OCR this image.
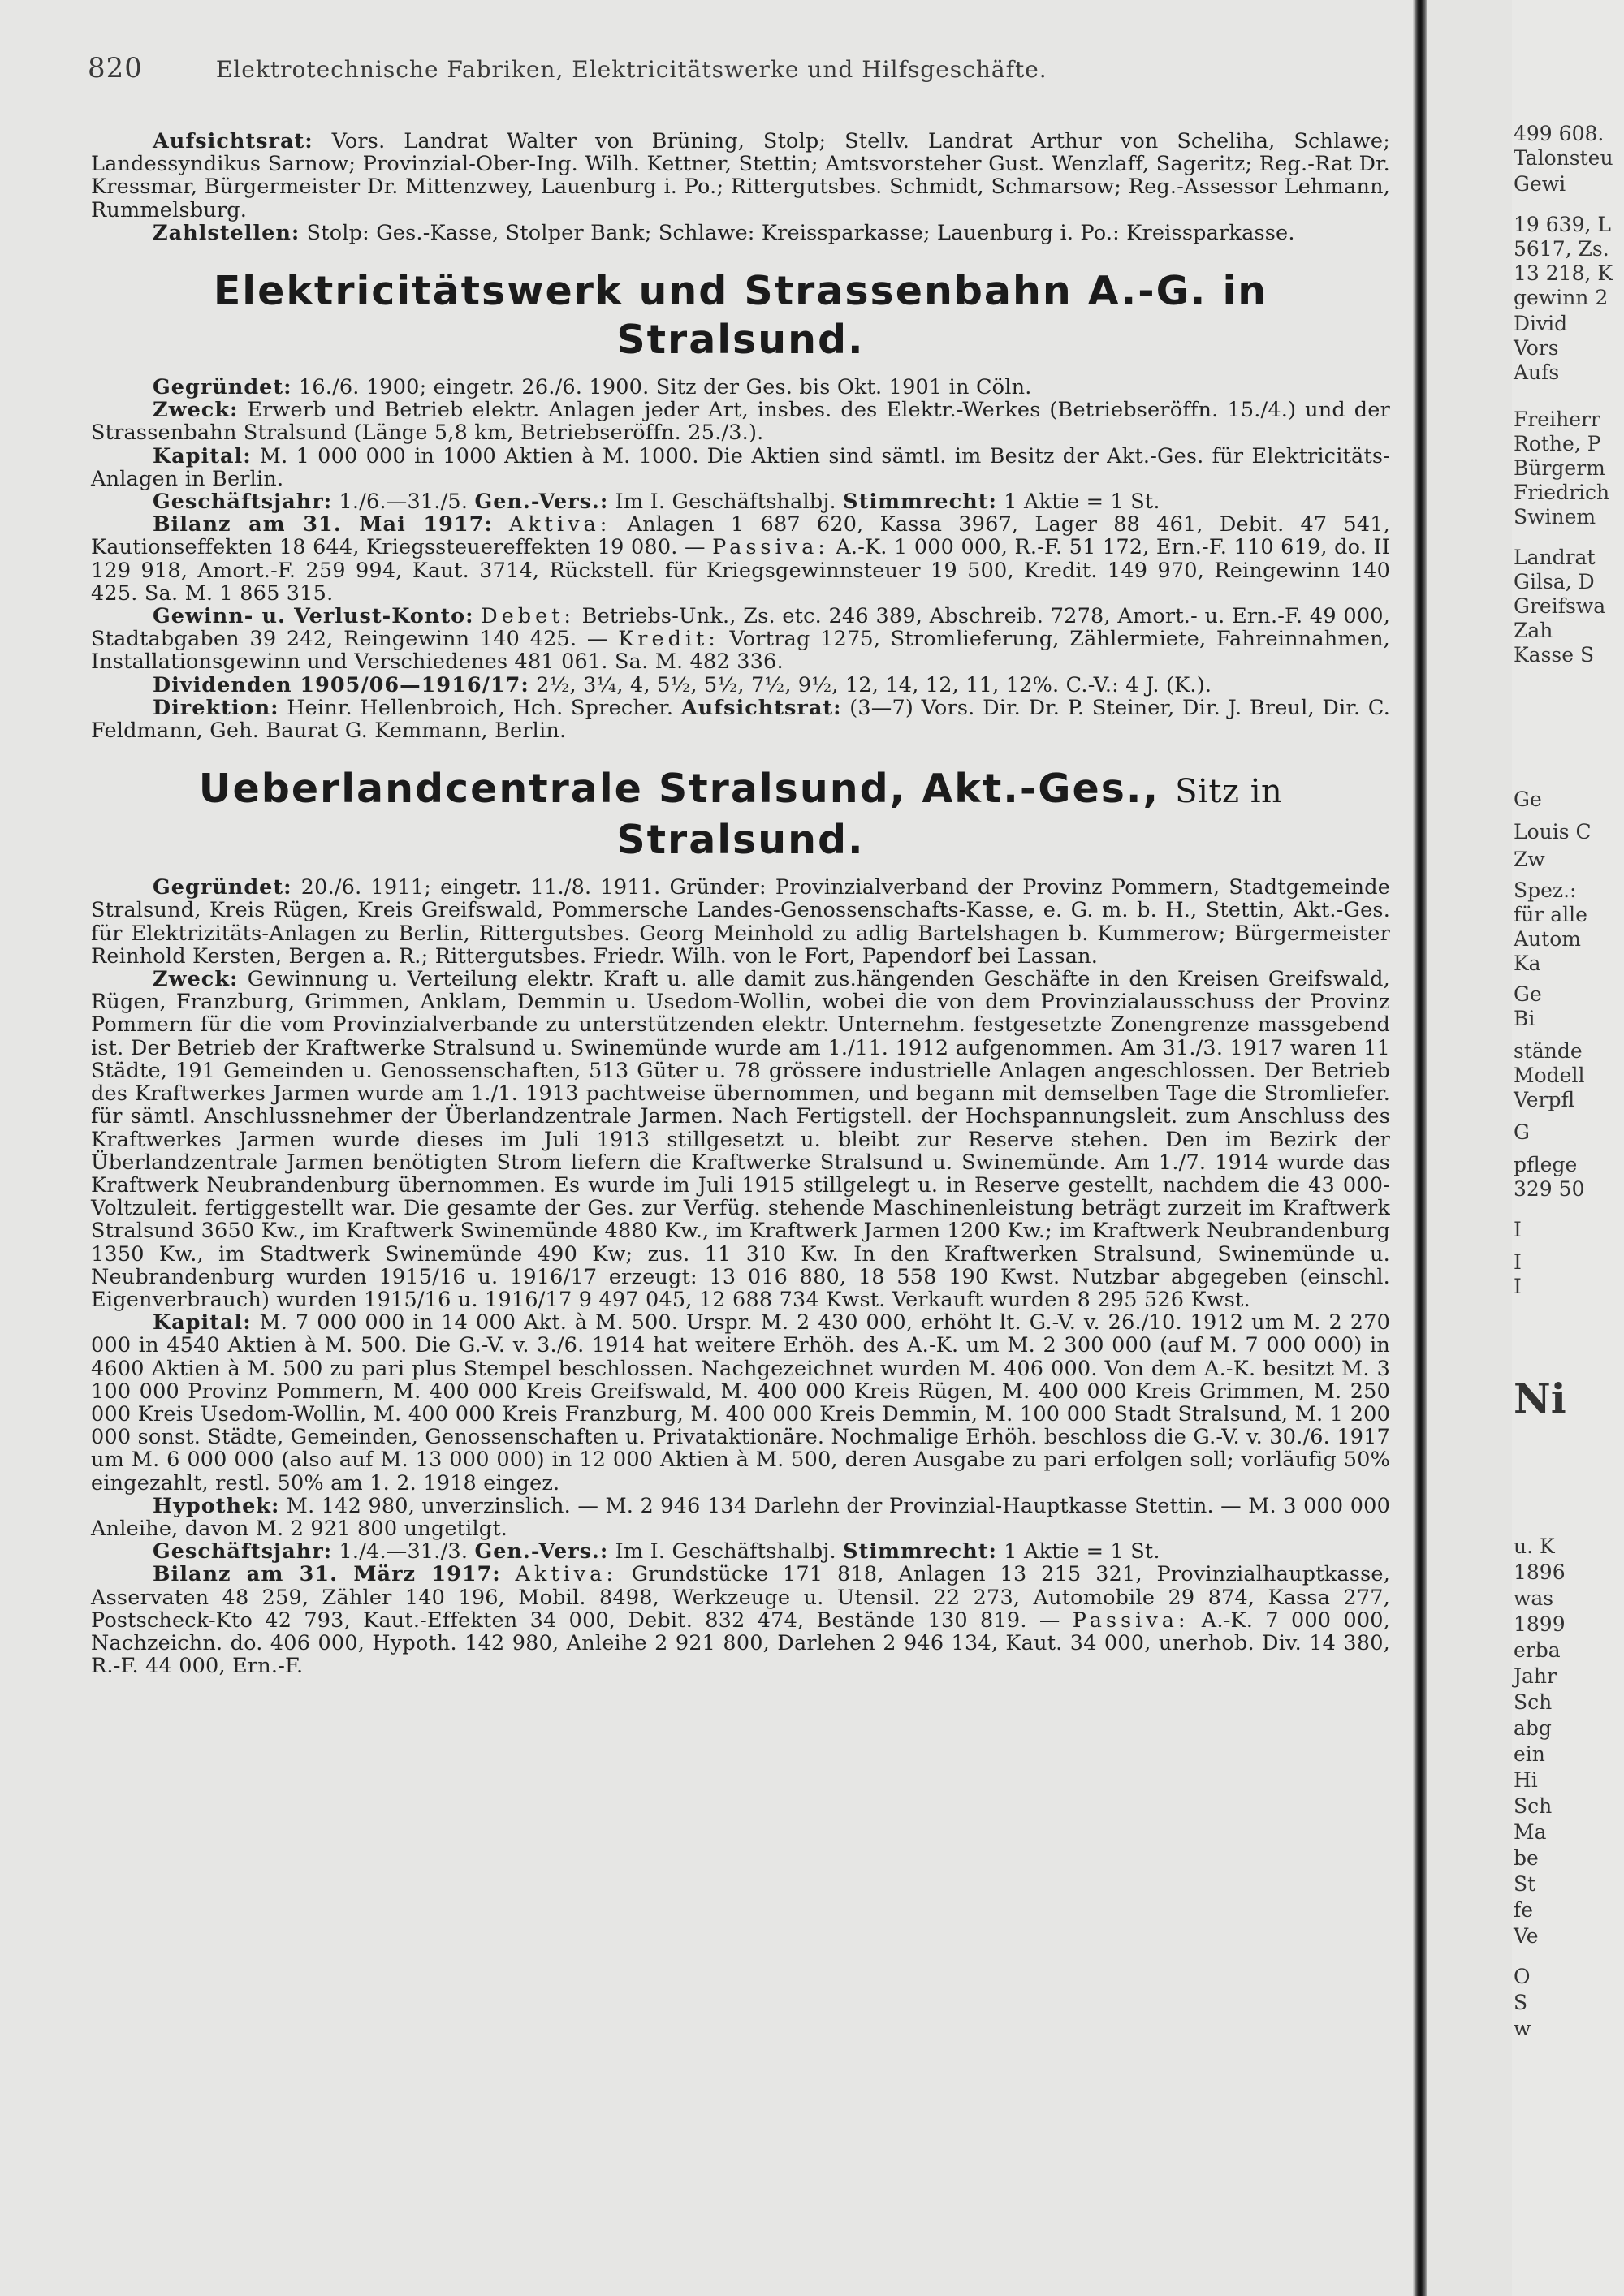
820	Elektrotechnische Fabriken, Elektricitätswerke und Hilfsgeschäfte.

Aufsichtsrat: Vors. Landrat Walter von Brüning, Stolp; Stellv. Landrat Arthur von Scheliha, Schlawe; Landessyndikus Sarnow; Provinzial-Ober-Ing. Wilh. Kettner, Stettin; Amtsvorsteher Gust. Wenzlaff, Sageritz; Reg.-Rat Dr. Kressmar, Bürgermeister Dr. Mittenzwey, Lauenburg i. Po.; Rittergutsbes. Schmidt, Schmarsow; Reg.-Assessor Lehmann, Rummelsburg.

Zahlstellen: Stolp: Ges.-Kasse, Stolper Bank; Schlawe: Kreissparkasse; Lauenburg i. Po.: Kreissparkasse.

Elektricitätswerk und Strassenbahn A.-G. in Stralsund.

Gegründet: 16./6. 1900; eingetr. 26./6. 1900. Sitz der Ges. bis Okt. 1901 in Cöln.

Zweck: Erwerb und Betrieb elektr. Anlagen jeder Art, insbes. des Elektr.-Werkes (Betriebseröffn. 15./4.) und der Strassenbahn Stralsund (Länge 5,8 km, Betriebseröffn. 25./3.).

Kapital: M. 1 000 000 in 1000 Aktien à M. 1000. Die Aktien sind sämtl. im Besitz der Akt.-Ges. für Elektricitäts-Anlagen in Berlin.

Geschäftsjahr: 1./6.—31./5. Gen.-Vers.: Im I. Geschäftshalbj. Stimmrecht: 1 Aktie = 1 St.

Bilanz am 31. Mai 1917: Aktiva: Anlagen 1 687 620, Kassa 3967, Lager 88 461, Debit. 47 541, Kautionseffekten 18 644, Kriegssteuereffekten 19 080. — Passiva: A.-K. 1 000 000, R.-F. 51 172, Ern.-F. 110 619, do. II 129 918, Amort.-F. 259 994, Kaut. 3714, Rückstell. für Kriegsgewinnsteuer 19 500, Kredit. 149 970, Reingewinn 140 425. Sa. M. 1 865 315.

Gewinn- u. Verlust-Konto: Debet: Betriebs-Unk., Zs. etc. 246 389, Abschreib. 7278, Amort.- u. Ern.-F. 49 000, Stadtabgaben 39 242, Reingewinn 140 425. — Kredit: Vortrag 1275, Stromlieferung, Zählermiete, Fahreinnahmen, Installationsgewinn und Verschiedenes 481 061. Sa. M. 482 336.

Dividenden 1905/06—1916/17: 2½, 3¼, 4, 5½, 5½, 7½, 9½, 12, 14, 12, 11, 12%. C.-V.: 4 J. (K.).

Direktion: Heinr. Hellenbroich, Hch. Sprecher. Aufsichtsrat: (3—7) Vors. Dir. Dr. P. Steiner, Dir. J. Breul, Dir. C. Feldmann, Geh. Baurat G. Kemmann, Berlin.

Ueberlandcentrale Stralsund, Akt.-Ges., Sitz in Stralsund.

Gegründet: 20./6. 1911; eingetr. 11./8. 1911. Gründer: Provinzialverband der Provinz Pommern, Stadtgemeinde Stralsund, Kreis Rügen, Kreis Greifswald, Pommersche Landes-Genossenschafts-Kasse, e. G. m. b. H., Stettin, Akt.-Ges. für Elektrizitäts-Anlagen zu Berlin, Rittergutsbes. Georg Meinhold zu adlig Bartelshagen b. Kummerow; Bürgermeister Reinhold Kersten, Bergen a. R.; Rittergutsbes. Friedr. Wilh. von le Fort, Papendorf bei Lassan.

Zweck: Gewinnung u. Verteilung elektr. Kraft u. alle damit zus.hängenden Geschäfte in den Kreisen Greifswald, Rügen, Franzburg, Grimmen, Anklam, Demmin u. Usedom-Wollin, wobei die von dem Provinzialausschuss der Provinz Pommern für die vom Provinzialverbande zu unterstützenden elektr. Unternehm. festgesetzte Zonengrenze massgebend ist. Der Betrieb der Kraftwerke Stralsund u. Swinemünde wurde am 1./11. 1912 aufgenommen. Am 31./3. 1917 waren 11 Städte, 191 Gemeinden u. Genossenschaften, 513 Güter u. 78 grössere industrielle Anlagen angeschlossen. Der Betrieb des Kraftwerkes Jarmen wurde am 1./1. 1913 pachtweise übernommen, und begann mit demselben Tage die Stromliefer. für sämtl. Anschlussnehmer der Überlandzentrale Jarmen. Nach Fertigstell. der Hochspannungsleit. zum Anschluss des Kraftwerkes Jarmen wurde dieses im Juli 1913 stillgesetzt u. bleibt zur Reserve stehen. Den im Bezirk der Überlandzentrale Jarmen benötigten Strom liefern die Kraftwerke Stralsund u. Swinemünde. Am 1./7. 1914 wurde das Kraftwerk Neubrandenburg übernommen. Es wurde im Juli 1915 stillgelegt u. in Reserve gestellt, nachdem die 43 000-Voltzuleit. fertiggestellt war. Die gesamte der Ges. zur Verfüg. stehende Maschinenleistung beträgt zurzeit im Kraftwerk Stralsund 3650 Kw., im Kraftwerk Swinemünde 4880 Kw., im Kraftwerk Jarmen 1200 Kw.; im Kraftwerk Neubrandenburg 1350 Kw., im Stadtwerk Swinemünde 490 Kw; zus. 11 310 Kw. In den Kraftwerken Stralsund, Swinemünde u. Neubrandenburg wurden 1915/16 u. 1916/17 erzeugt: 13 016 880, 18 558 190 Kwst. Nutzbar abgegeben (einschl. Eigenverbrauch) wurden 1915/16 u. 1916/17 9 497 045, 12 688 734 Kwst. Verkauft wurden 8 295 526 Kwst.

Kapital: M. 7 000 000 in 14 000 Akt. à M. 500. Urspr. M. 2 430 000, erhöht lt. G.-V. v. 26./10. 1912 um M. 2 270 000 in 4540 Aktien à M. 500. Die G.-V. v. 3./6. 1914 hat weitere Erhöh. des A.-K. um M. 2 300 000 (auf M. 7 000 000) in 4600 Aktien à M. 500 zu pari plus Stempel beschlossen. Nachgezeichnet wurden M. 406 000. Von dem A.-K. besitzt M. 3 100 000 Provinz Pommern, M. 400 000 Kreis Greifswald, M. 400 000 Kreis Rügen, M. 400 000 Kreis Grimmen, M. 250 000 Kreis Usedom-Wollin, M. 400 000 Kreis Franzburg, M. 400 000 Kreis Demmin, M. 100 000 Stadt Stralsund, M. 1 200 000 sonst. Städte, Gemeinden, Genossenschaften u. Privataktionäre. Nochmalige Erhöh. beschloss die G.-V. v. 30./6. 1917 um M. 6 000 000 (also auf M. 13 000 000) in 12 000 Aktien à M. 500, deren Ausgabe zu pari erfolgen soll; vorläufig 50% eingezahlt, restl. 50% am 1. 2. 1918 eingez.

Hypothek: M. 142 980, unverzinslich. — M. 2 946 134 Darlehn der Provinzial-Hauptkasse Stettin. — M. 3 000 000 Anleihe, davon M. 2 921 800 ungetilgt.

Geschäftsjahr: 1./4.—31./3. Gen.-Vers.: Im I. Geschäftshalbj. Stimmrecht: 1 Aktie = 1 St.

Bilanz am 31. März 1917: Aktiva: Grundstücke 171 818, Anlagen 13 215 321, Provinzialhauptkasse, Asservaten 48 259, Zähler 140 196, Mobil. 8498, Werkzeuge u. Utensil. 22 273, Automobile 29 874, Kassa 277, Postscheck-Kto 42 793, Kaut.-Effekten 34 000, Debit. 832 474, Bestände 130 819. — Passiva: A.-K. 7 000 000, Nachzeichn. do. 406 000, Hypoth. 142 980, Anleihe 2 921 800, Darlehen 2 946 134, Kaut. 34 000, unerhob. Div. 14 380, R.-F. 44 000, Ern.-F.

499 608.
Talonsteu
Gewi
19 639, L
5617, Zs.
13 218, K
gewinn 2
Divid
Vors
Aufs
Freiherr
Rothe, P
Bürgerm
Friedrich
Swinem
Landrat
Gilsa, D
Greifswa
Zah
Kasse S
Ge
Louis C
Zw
Spez.:
für alle
Autom
Ka
Ge
Bi
stände
Modell
Verpfl
G
pflege
329 50
I
I
I
Ni
u. K
1896
was
1899
erba
Jahr
Sch
abg
ein
Hi
Sch
Ma
be
St
fe
Ve
O
S
w
